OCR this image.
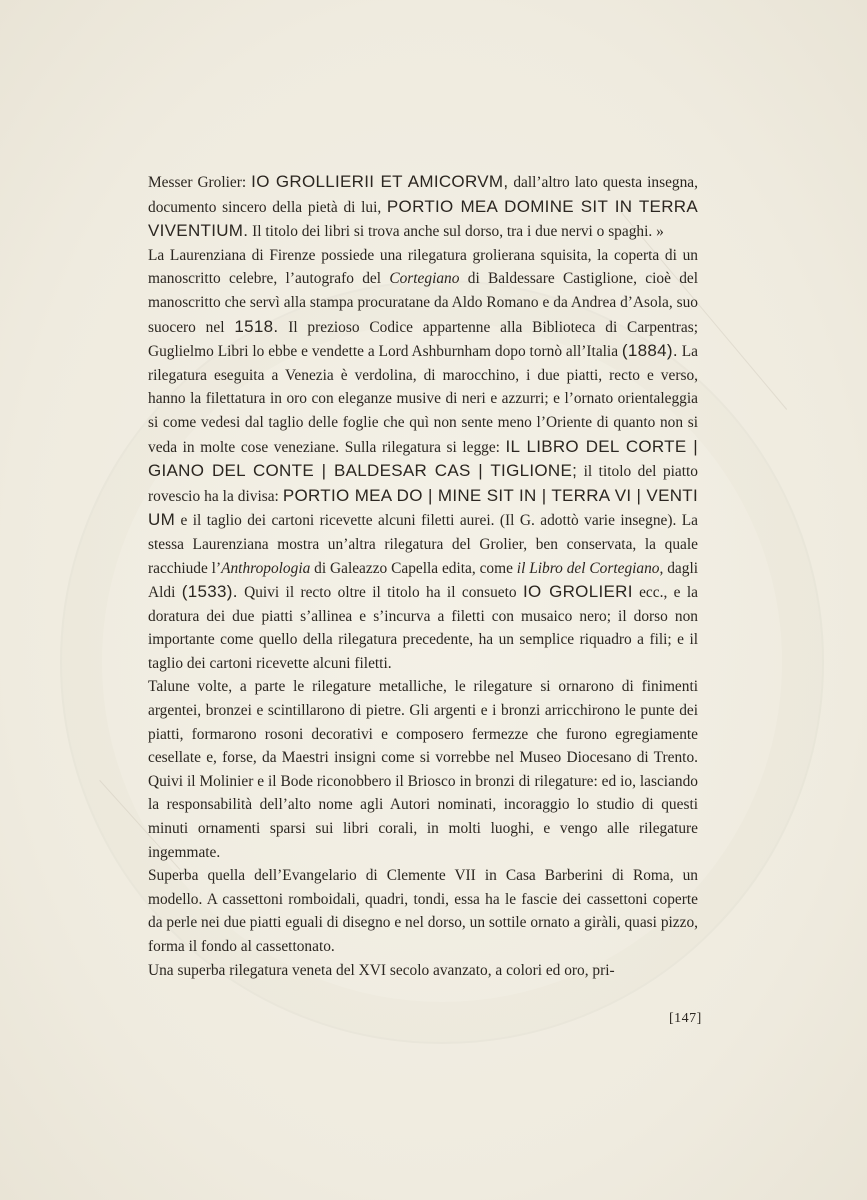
Messer Grolier: IO GROLLIERII ET AMICORVM, dall’altro lato questa insegna, documento sincero della pietà di lui, PORTIO MEA DOMINE SIT IN TERRA VIVENTIUM. Il titolo dei libri si trova anche sul dorso, tra i due nervi o spaghi. »

La Laurenziana di Firenze possiede una rilegatura grolierana squisita, la coperta di un manoscritto celebre, l’autografo del Cortegiano di Baldessare Castiglione, cioè del manoscritto che servì alla stampa procuratane da Aldo Romano e da Andrea d’Asola, suo suocero nel 1518. Il prezioso Codice appartenne alla Biblioteca di Carpentras; Guglielmo Libri lo ebbe e vendette a Lord Ashburnham dopo tornò all’Italia (1884). La rilegatura eseguita a Venezia è verdolina, di marocchino, i due piatti, recto e verso, hanno la filettatura in oro con eleganze musive di neri e azzurri; e l’ornato orientaleggia si come vedesi dal taglio delle foglie che quì non sente meno l’Oriente di quanto non si veda in molte cose veneziane. Sulla rilegatura si legge: IL LIBRO DEL CORTE | GIANO DEL CONTE | BALDESAR CAS | TIGLIONE; il titolo del piatto rovescio ha la divisa: PORTIO MEA DO | MINE SIT IN | TERRA VI | VENTI UM e il taglio dei cartoni ricevette alcuni filetti aurei. (Il G. adottò varie insegne). La stessa Laurenziana mostra un’altra rilegatura del Grolier, ben conservata, la quale racchiude l’Anthropologia di Galeazzo Capella edita, come il Libro del Cortegiano, dagli Aldi (1533). Quivi il recto oltre il titolo ha il consueto IO GROLIERI ecc., e la doratura dei due piatti s’allinea e s’incurva a filetti con musaico nero; il dorso non importante come quello della rilegatura precedente, ha un semplice riquadro a fili; e il taglio dei cartoni ricevette alcuni filetti.

Talune volte, a parte le rilegature metalliche, le rilegature si ornarono di finimenti argentei, bronzei e scintillarono di pietre. Gli argenti e i bronzi arricchirono le punte dei piatti, formarono rosoni decorativi e composero fermezze che furono egregiamente cesellate e, forse, da Maestri insigni come si vorrebbe nel Museo Diocesano di Trento. Quivi il Molinier e il Bode riconobbero il Briosco in bronzi di rilegature: ed io, lasciando la responsabilità dell’alto nome agli Autori nominati, incoraggio lo studio di questi minuti ornamenti sparsi sui libri corali, in molti luoghi, e vengo alle rilegature ingemmate.

Superba quella dell’Evangelario di Clemente VII in Casa Barberini di Roma, un modello. A cassettoni romboidali, quadri, tondi, essa ha le fascie dei cassettoni coperte da perle nei due piatti eguali di disegno e nel dorso, un sottile ornato a giràli, quasi pizzo, forma il fondo al cassettonato.

Una superba rilegatura veneta del XVI secolo avanzato, a colori ed oro, pri-

[147]
